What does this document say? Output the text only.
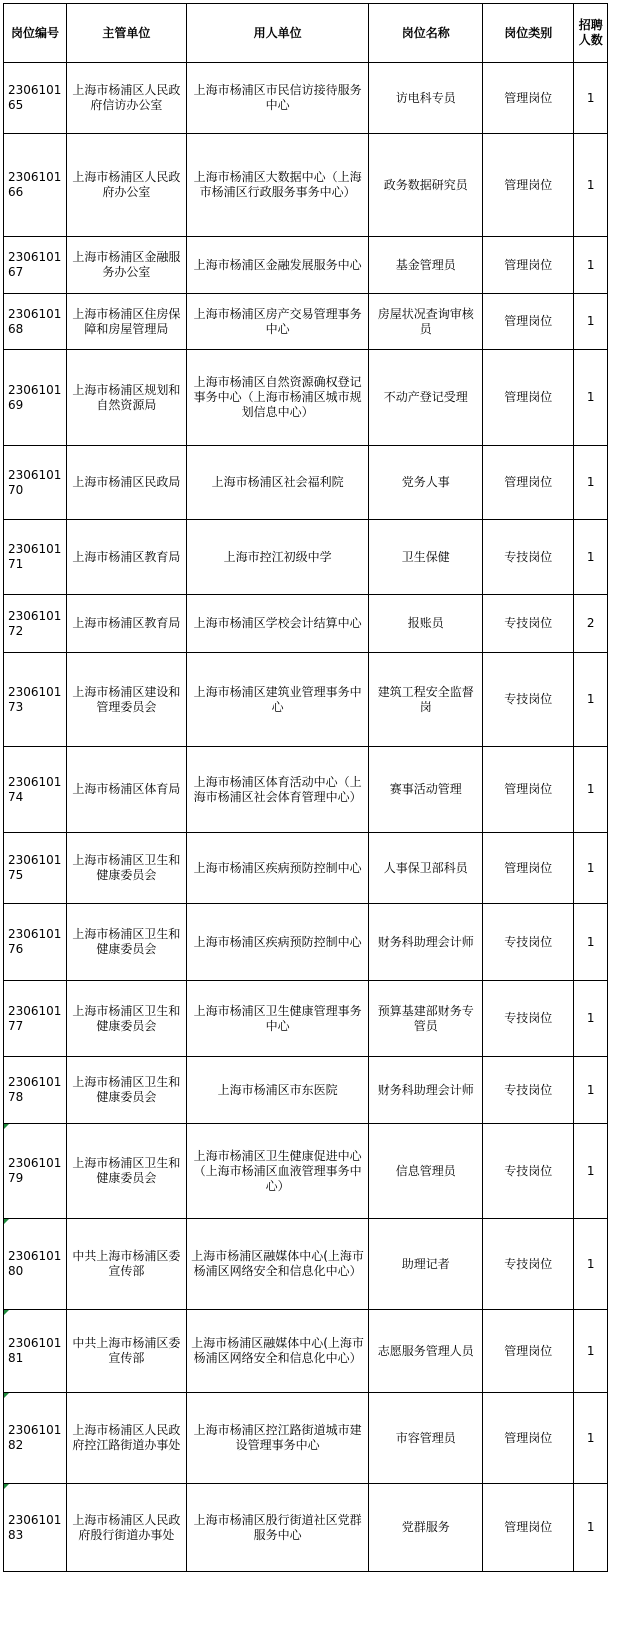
岗位编号	主管单位	用人单位	岗位名称	岗位类别	招聘人数
230610165	上海市杨浦区人民政府信访办公室	上海市杨浦区市民信访接待服务中心	访电科专员	管理岗位	1
230610166	上海市杨浦区人民政府办公室	上海市杨浦区大数据中心（上海市杨浦区行政服务事务中心）	政务数据研究员	管理岗位	1
230610167	上海市杨浦区金融服务办公室	上海市杨浦区金融发展服务中心	基金管理员	管理岗位	1
230610168	上海市杨浦区住房保障和房屋管理局	上海市杨浦区房产交易管理事务中心	房屋状况查询审核员	管理岗位	1
230610169	上海市杨浦区规划和自然资源局	上海市杨浦区自然资源确权登记事务中心（上海市杨浦区城市规划信息中心）	不动产登记受理	管理岗位	1
230610170	上海市杨浦区民政局	上海市杨浦区社会福利院	党务人事	管理岗位	1
230610171	上海市杨浦区教育局	上海市控江初级中学	卫生保健	专技岗位	1
230610172	上海市杨浦区教育局	上海市杨浦区学校会计结算中心	报账员	专技岗位	2
230610173	上海市杨浦区建设和管理委员会	上海市杨浦区建筑业管理事务中心	建筑工程安全监督岗	专技岗位	1
230610174	上海市杨浦区体育局	上海市杨浦区体育活动中心（上海市杨浦区社会体育管理中心）	赛事活动管理	管理岗位	1
230610175	上海市杨浦区卫生和健康委员会	上海市杨浦区疾病预防控制中心	人事保卫部科员	管理岗位	1
230610176	上海市杨浦区卫生和健康委员会	上海市杨浦区疾病预防控制中心	财务科助理会计师	专技岗位	1
230610177	上海市杨浦区卫生和健康委员会	上海市杨浦区卫生健康管理事务中心	预算基建部财务专管员	专技岗位	1
230610178	上海市杨浦区卫生和健康委员会	上海市杨浦区市东医院	财务科助理会计师	专技岗位	1
230610179	上海市杨浦区卫生和健康委员会	上海市杨浦区卫生健康促进中心（上海市杨浦区血液管理事务中心）	信息管理员	专技岗位	1
230610180	中共上海市杨浦区委宣传部	上海市杨浦区融媒体中心(上海市杨浦区网络安全和信息化中心）	助理记者	专技岗位	1
230610181	中共上海市杨浦区委宣传部	上海市杨浦区融媒体中心(上海市杨浦区网络安全和信息化中心）	志愿服务管理人员	管理岗位	1
230610182	上海市杨浦区人民政府控江路街道办事处	上海市杨浦区控江路街道城市建设管理事务中心	市容管理员	管理岗位	1
230610183	上海市杨浦区人民政府殷行街道办事处	上海市杨浦区殷行街道社区党群服务中心	党群服务	管理岗位	1
